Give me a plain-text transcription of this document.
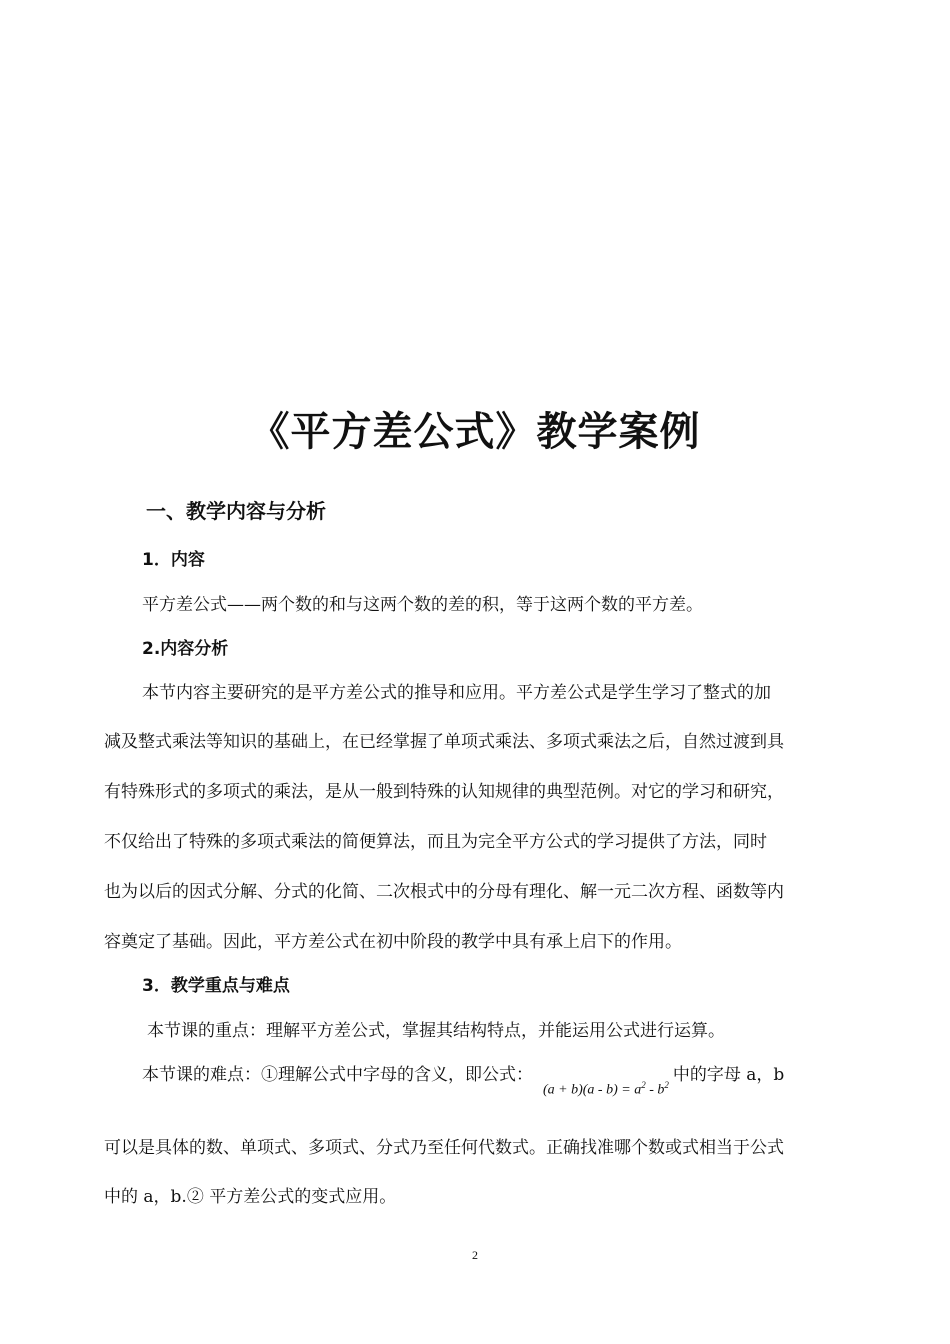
《平方差公式》教学案例

一、教学内容与分析

1．内容

平方差公式——两个数的和与这两个数的差的积，等于这两个数的平方差。

2.内容分析

本节内容主要研究的是平方差公式的推导和应用。平方差公式是学生学习了整式的加

减及整式乘法等知识的基础上，在已经掌握了单项式乘法、多项式乘法之后，自然过渡到具

有特殊形式的多项式的乘法，是从一般到特殊的认知规律的典型范例。对它的学习和研究，

不仅给出了特殊的多项式乘法的简便算法，而且为完全平方公式的学习提供了方法，同时

也为以后的因式分解、分式的化简、二次根式中的分母有理化、解一元二次方程、函数等内

容奠定了基础。因此，平方差公式在初中阶段的教学中具有承上启下的作用。

3．教学重点与难点

本节课的重点：理解平方差公式，掌握其结构特点，并能运用公式进行运算。

本节课的难点：①理解公式中字母的含义，即公式：$(a + b)(a - b) = a^2 - b^2$中的字母 a，b

可以是具体的数、单项式、多项式、分式乃至任何代数式。正确找准哪个数或式相当于公式

中的 a，b.② 平方差公式的变式应用。

2
